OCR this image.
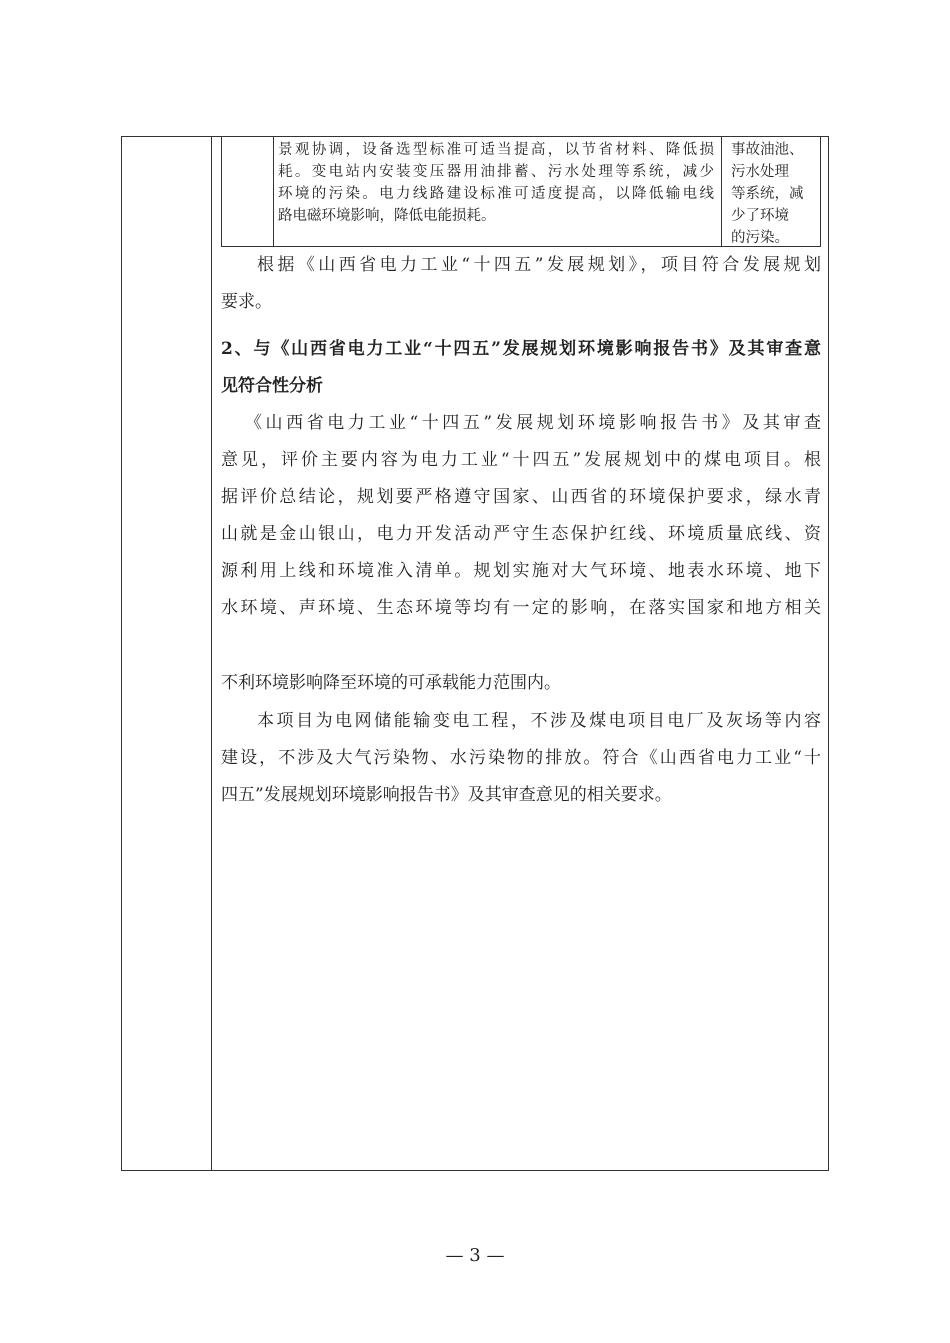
景观协调，设备选型标准可适当提高，以节省材料、降低损
耗。变电站内安装变压器用油排蓄、污水处理等系统，减少
环境的污染。电力线路建设标准可适度提高，以降低输电线
路电磁环境影响，降低电能损耗。
事故油池、
污水处理
等系统，减
少了环境
的污染。
根据《山西省电力工业“十四五”发展规划》，项目符合发展规划
要求。
2、与《山西省电力工业“十四五”发展规划环境影响报告书》及其审查意
见符合性分析
《山西省电力工业“十四五”发展规划环境影响报告书》及其审查
意见，评价主要内容为电力工业“十四五”发展规划中的煤电项目。根
据评价总结论，规划要严格遵守国家、山西省的环境保护要求，绿水青
山就是金山银山，电力开发活动严守生态保护红线、环境质量底线、资
源利用上线和环境准入清单。规划实施对大气环境、地表水环境、地下
水环境、声环境、生态环境等均有一定的影响，在落实国家和地方相关
不利环境影响降至环境的可承载能力范围内。
本项目为电网储能输变电工程，不涉及煤电项目电厂及灰场等内容
建设，不涉及大气污染物、水污染物的排放。符合《山西省电力工业“十
四五”发展规划环境影响报告书》及其审查意见的相关要求。
— 3 —
